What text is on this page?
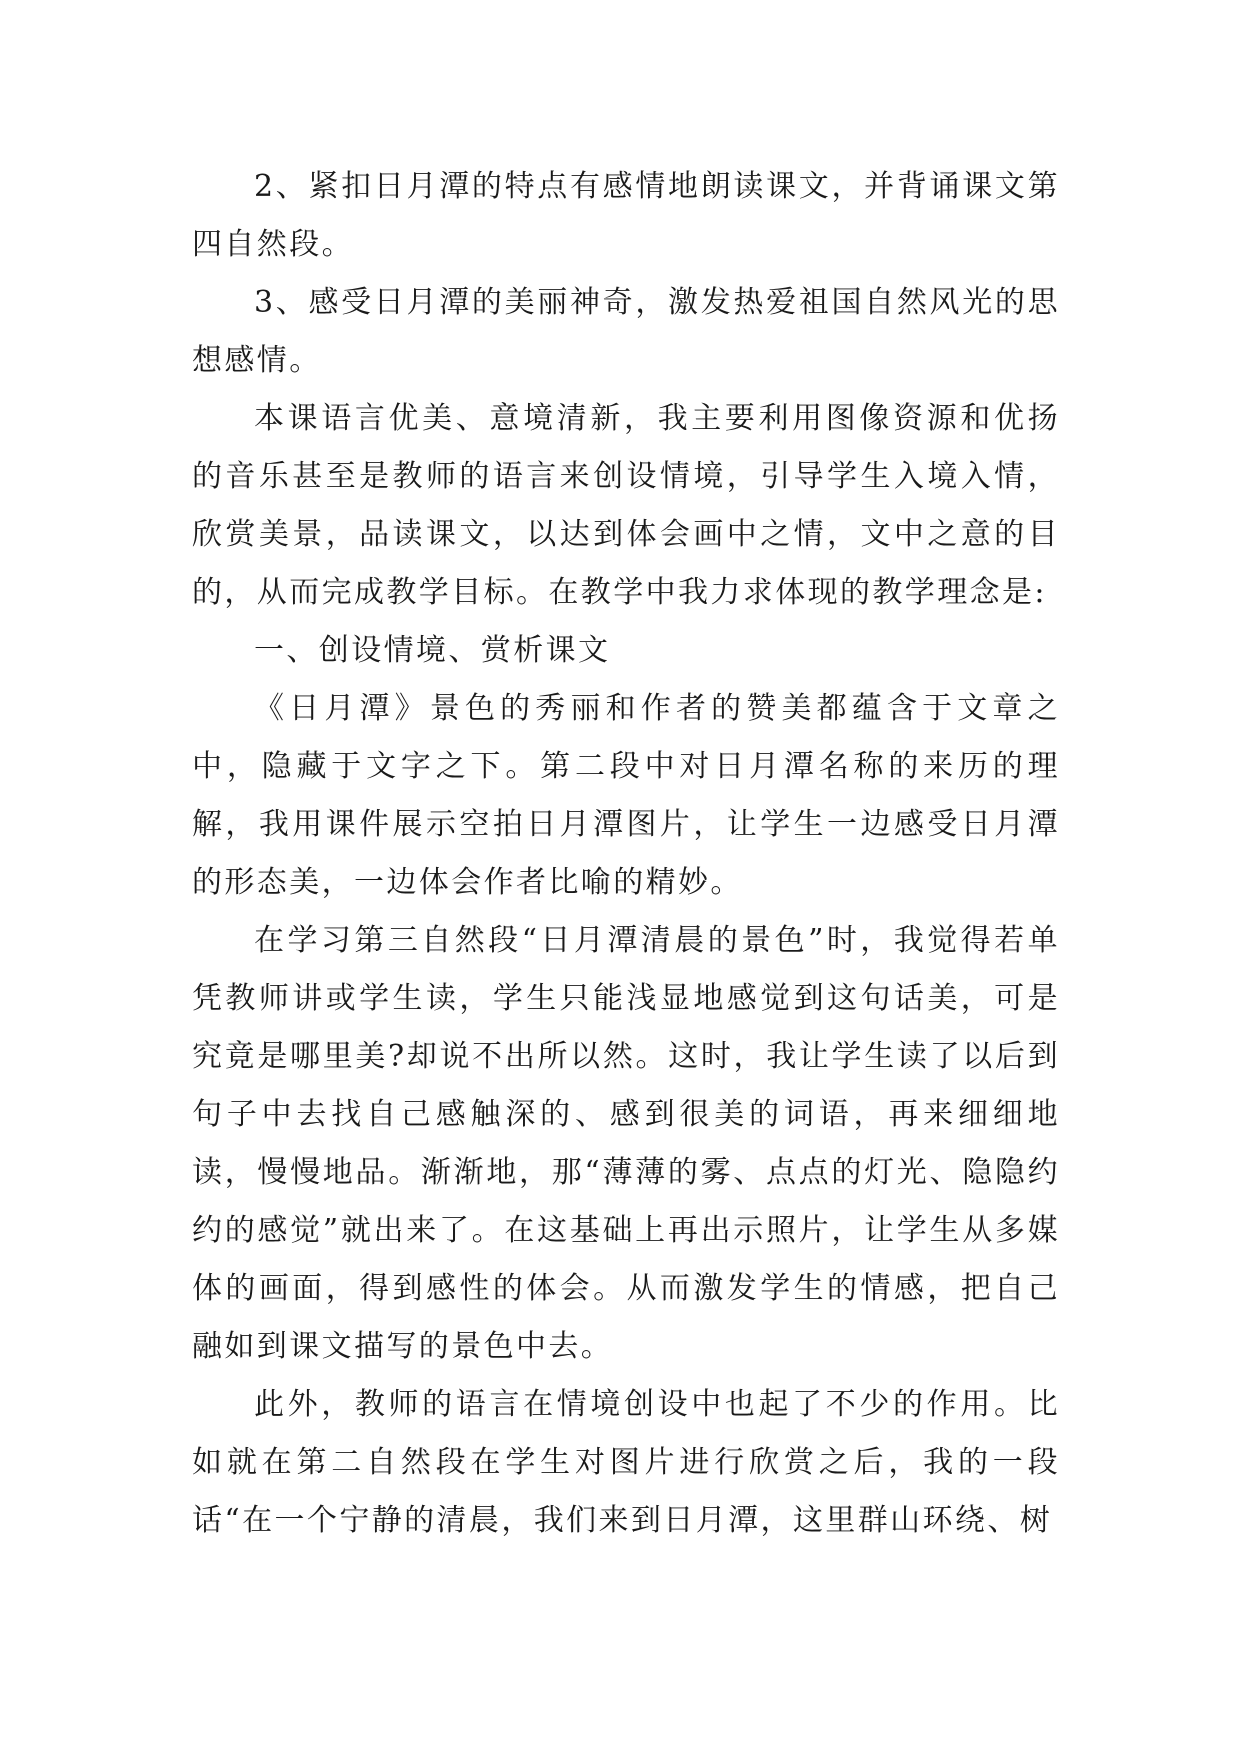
2、紧扣日月潭的特点有感情地朗读课文，并背诵课文第四自然段。

3、感受日月潭的美丽神奇，激发热爱祖国自然风光的思想感情。

本课语言优美、意境清新，我主要利用图像资源和优扬的音乐甚至是教师的语言来创设情境，引导学生入境入情，欣赏美景，品读课文，以达到体会画中之情，文中之意的目的，从而完成教学目标。在教学中我力求体现的教学理念是:

一、创设情境、赏析课文

《日月潭》景色的秀丽和作者的赞美都蕴含于文章之中，隐藏于文字之下。第二段中对日月潭名称的来历的理解，我用课件展示空拍日月潭图片，让学生一边感受日月潭的形态美，一边体会作者比喻的精妙。

在学习第三自然段“日月潭清晨的景色”时，我觉得若单凭教师讲或学生读，学生只能浅显地感觉到这句话美，可是究竟是哪里美?却说不出所以然。这时，我让学生读了以后到句子中去找自己感触深的、感到很美的词语，再来细细地读，慢慢地品。渐渐地，那“薄薄的雾、点点的灯光、隐隐约约的感觉”就出来了。在这基础上再出示照片，让学生从多媒体的画面，得到感性的体会。从而激发学生的情感，把自己融如到课文描写的景色中去。

此外，教师的语言在情境创设中也起了不少的作用。比如就在第二自然段在学生对图片进行欣赏之后，我的一段话“在一个宁静的清晨，我们来到日月潭，这里群山环绕、树
